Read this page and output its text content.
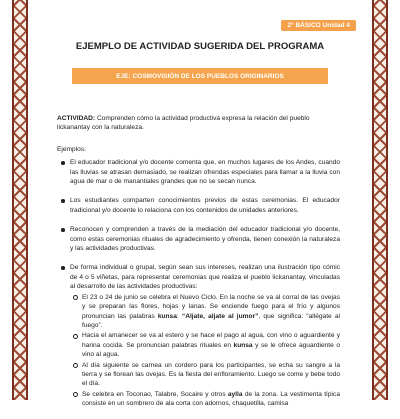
2° BÁSICO Unidad 4
EJEMPLO DE ACTIVIDAD SUGERIDA DEL PROGRAMA
EJE: COSMOVISIÓN DE LOS PUEBLOS ORIGINARIOS

ACTIVIDAD: Comprenden cómo la actividad productiva expresa la relación del pueblo lickanantay con la naturaleza.

Ejemplos:

El educador tradicional y/o docente comenta que, en muchos lugares de los Andes, cuando las lluvias se atrasan demasiado, se realizan ofrendas especiales para llamar a la lluvia con agua de mar o de manantiales grandes que no se secan nunca.
Los estudiantes comparten conocimientos previos de estas ceremonias. El educador tradicional y/o docente lo relaciona con los contenidos de unidades anteriores.
Reconocen y comprenden a través de la mediación del educador tradicional y/o docente, como estas ceremonias rituales de agradecimiento y ofrenda, tienen conexión la naturaleza y las actividades productivas.
De forma individual o grupal, según sean sus intereses, realizan una ilustración tipo cómic de 4 o 5 viñetas, para representar ceremonias que realiza el pueblo lickanantay, vinculadas al desarrollo de las actividades productivas:
El 23 o 24 de junio se celebra el Nuevo Ciclo. En la noche se va al corral de las ovejas y se preparan las flores, hojas y lanas. Se enciende fuego para el frío y algunos pronuncian las palabras kunsa: “Aljate, aljate al jumor”, que significa: “allégate al fuego”.
Hacia el amanecer se va al estero y se hace el pago al agua, con vino o aguardiente y harina cocida. Se pronuncian palabras rituales en kunsa y se le ofrece aguardiente o vino al agua.
Al día siguiente se carnea un cordero para los participantes, se echa su sangre a la tierra y se florean las ovejas. Es la fiesta del enfloramiento. Luego se come y bebe todo el día.
Se celebra en Toconao, Talabre, Socaire y otros aylla de la zona. La vestimenta típica consiste en un sombrero de ala corta con adornos, chaquetilla, camisa
